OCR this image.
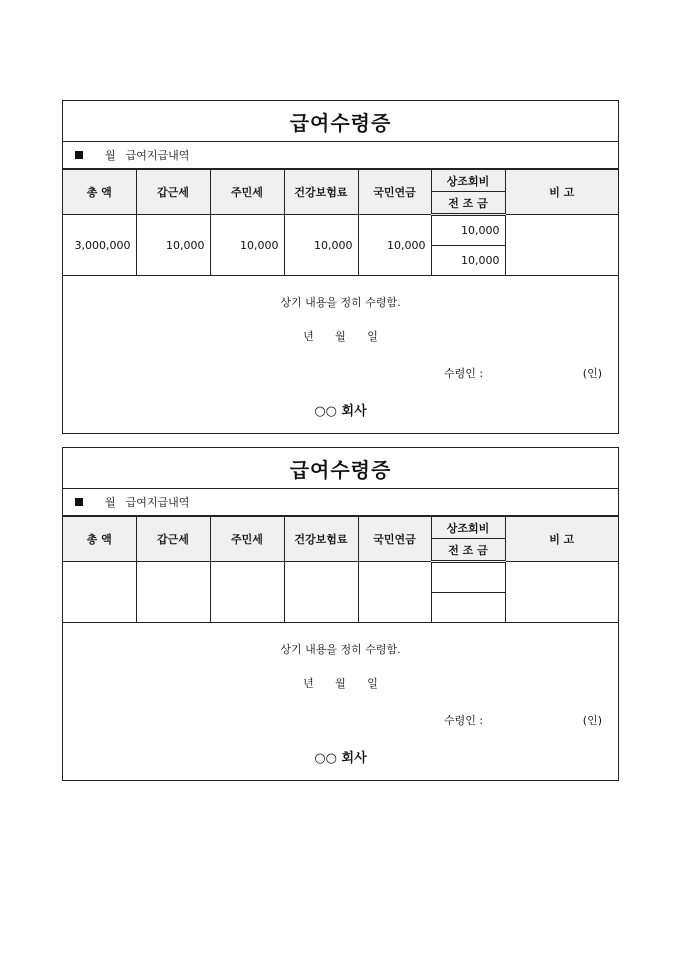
급여수령증
월 급여지급내역
총 액	갑근세	주민세	건강보험료	국민연금	상조회비	비 고
					전 조 금	
3,000,000	10,000	10,000	10,000	10,000	10,000	
					10,000	
상기 내용을 정히 수령함.
년 월 일
수령인 :	(인)
○○ 회사
급여수령증
월 급여지급내역
총 액	갑근세	주민세	건강보험료	국민연금	상조회비	비 고
					전 조 금	

상기 내용을 정히 수령함.
년 월 일
수령인 :	(인)
○○ 회사
